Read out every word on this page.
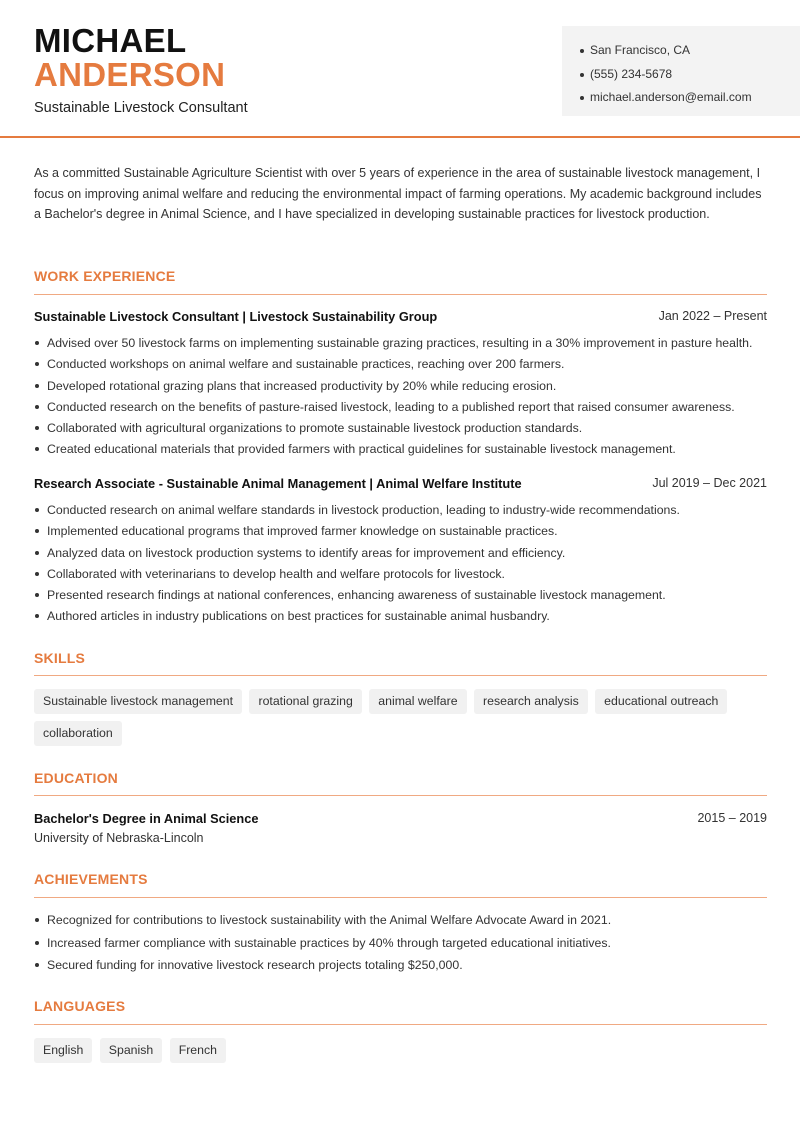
MICHAEL
ANDERSON
Sustainable Livestock Consultant
San Francisco, CA
(555) 234-5678
michael.anderson@email.com

As a committed Sustainable Agriculture Scientist with over 5 years of experience in the area of sustainable livestock management, I focus on improving animal welfare and reducing the environmental impact of farming operations. My academic background includes a Bachelor's degree in Animal Science, and I have specialized in developing sustainable practices for livestock production.

WORK EXPERIENCE
Sustainable Livestock Consultant | Livestock Sustainability Group	Jan 2022 – Present
Advised over 50 livestock farms on implementing sustainable grazing practices, resulting in a 30% improvement in pasture health.
Conducted workshops on animal welfare and sustainable practices, reaching over 200 farmers.
Developed rotational grazing plans that increased productivity by 20% while reducing erosion.
Conducted research on the benefits of pasture-raised livestock, leading to a published report that raised consumer awareness.
Collaborated with agricultural organizations to promote sustainable livestock production standards.
Created educational materials that provided farmers with practical guidelines for sustainable livestock management.
Research Associate - Sustainable Animal Management | Animal Welfare Institute	Jul 2019 – Dec 2021
Conducted research on animal welfare standards in livestock production, leading to industry-wide recommendations.
Implemented educational programs that improved farmer knowledge on sustainable practices.
Analyzed data on livestock production systems to identify areas for improvement and efficiency.
Collaborated with veterinarians to develop health and welfare protocols for livestock.
Presented research findings at national conferences, enhancing awareness of sustainable livestock management.
Authored articles in industry publications on best practices for sustainable animal husbandry.
SKILLS
Sustainable livestock management rotational grazing animal welfare research analysis educational outreach collaboration
EDUCATION
Bachelor's Degree in Animal Science	2015 – 2019
University of Nebraska-Lincoln
ACHIEVEMENTS
Recognized for contributions to livestock sustainability with the Animal Welfare Advocate Award in 2021.
Increased farmer compliance with sustainable practices by 40% through targeted educational initiatives.
Secured funding for innovative livestock research projects totaling $250,000.
LANGUAGES
English Spanish French
